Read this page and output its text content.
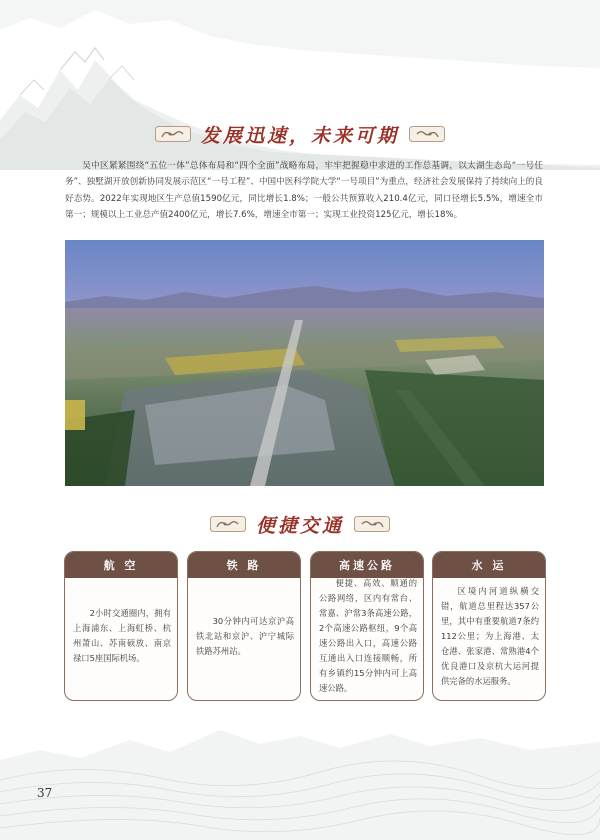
发展迅速，未来可期

吴中区紧紧围绕“五位一体”总体布局和“四个全面”战略布局，牢牢把握稳中求进的工作总基调，以太湖生态岛“一号任务”、独墅湖开放创新协同发展示范区“一号工程”、中国中医科学院大学“一号项目”为重点，经济社会发展保持了持续向上的良好态势。2022年实现地区生产总值1590亿元，同比增长1.8%；一般公共预算收入210.4亿元，同口径增长5.5%，增速全市第一；规模以上工业总产值2400亿元，增长7.6%，增速全市第一；实现工业投资125亿元，增长18%。

便捷交通
航 空

2小时交通圈内，拥有上海浦东、上海虹桥、杭州萧山、苏南硕放、南京禄口5座国际机场。

铁 路

30分钟内可达京沪高铁北站和京沪、沪宁城际铁路苏州站。

高速公路

便捷、高效、顺通的公路网络，区内有常台、常嘉、沪常3条高速公路，2个高速公路枢纽，9个高速公路出入口，高速公路互通出入口连接顺畅，所有乡镇约15分钟内可上高速公路。

水 运

区境内河道纵横交错，航道总里程达357公里，其中有重要航道7条约112公里；为上海港、太仓港、张家港、常熟港4个优良港口及京杭大运河提供完备的水运服务。

37
